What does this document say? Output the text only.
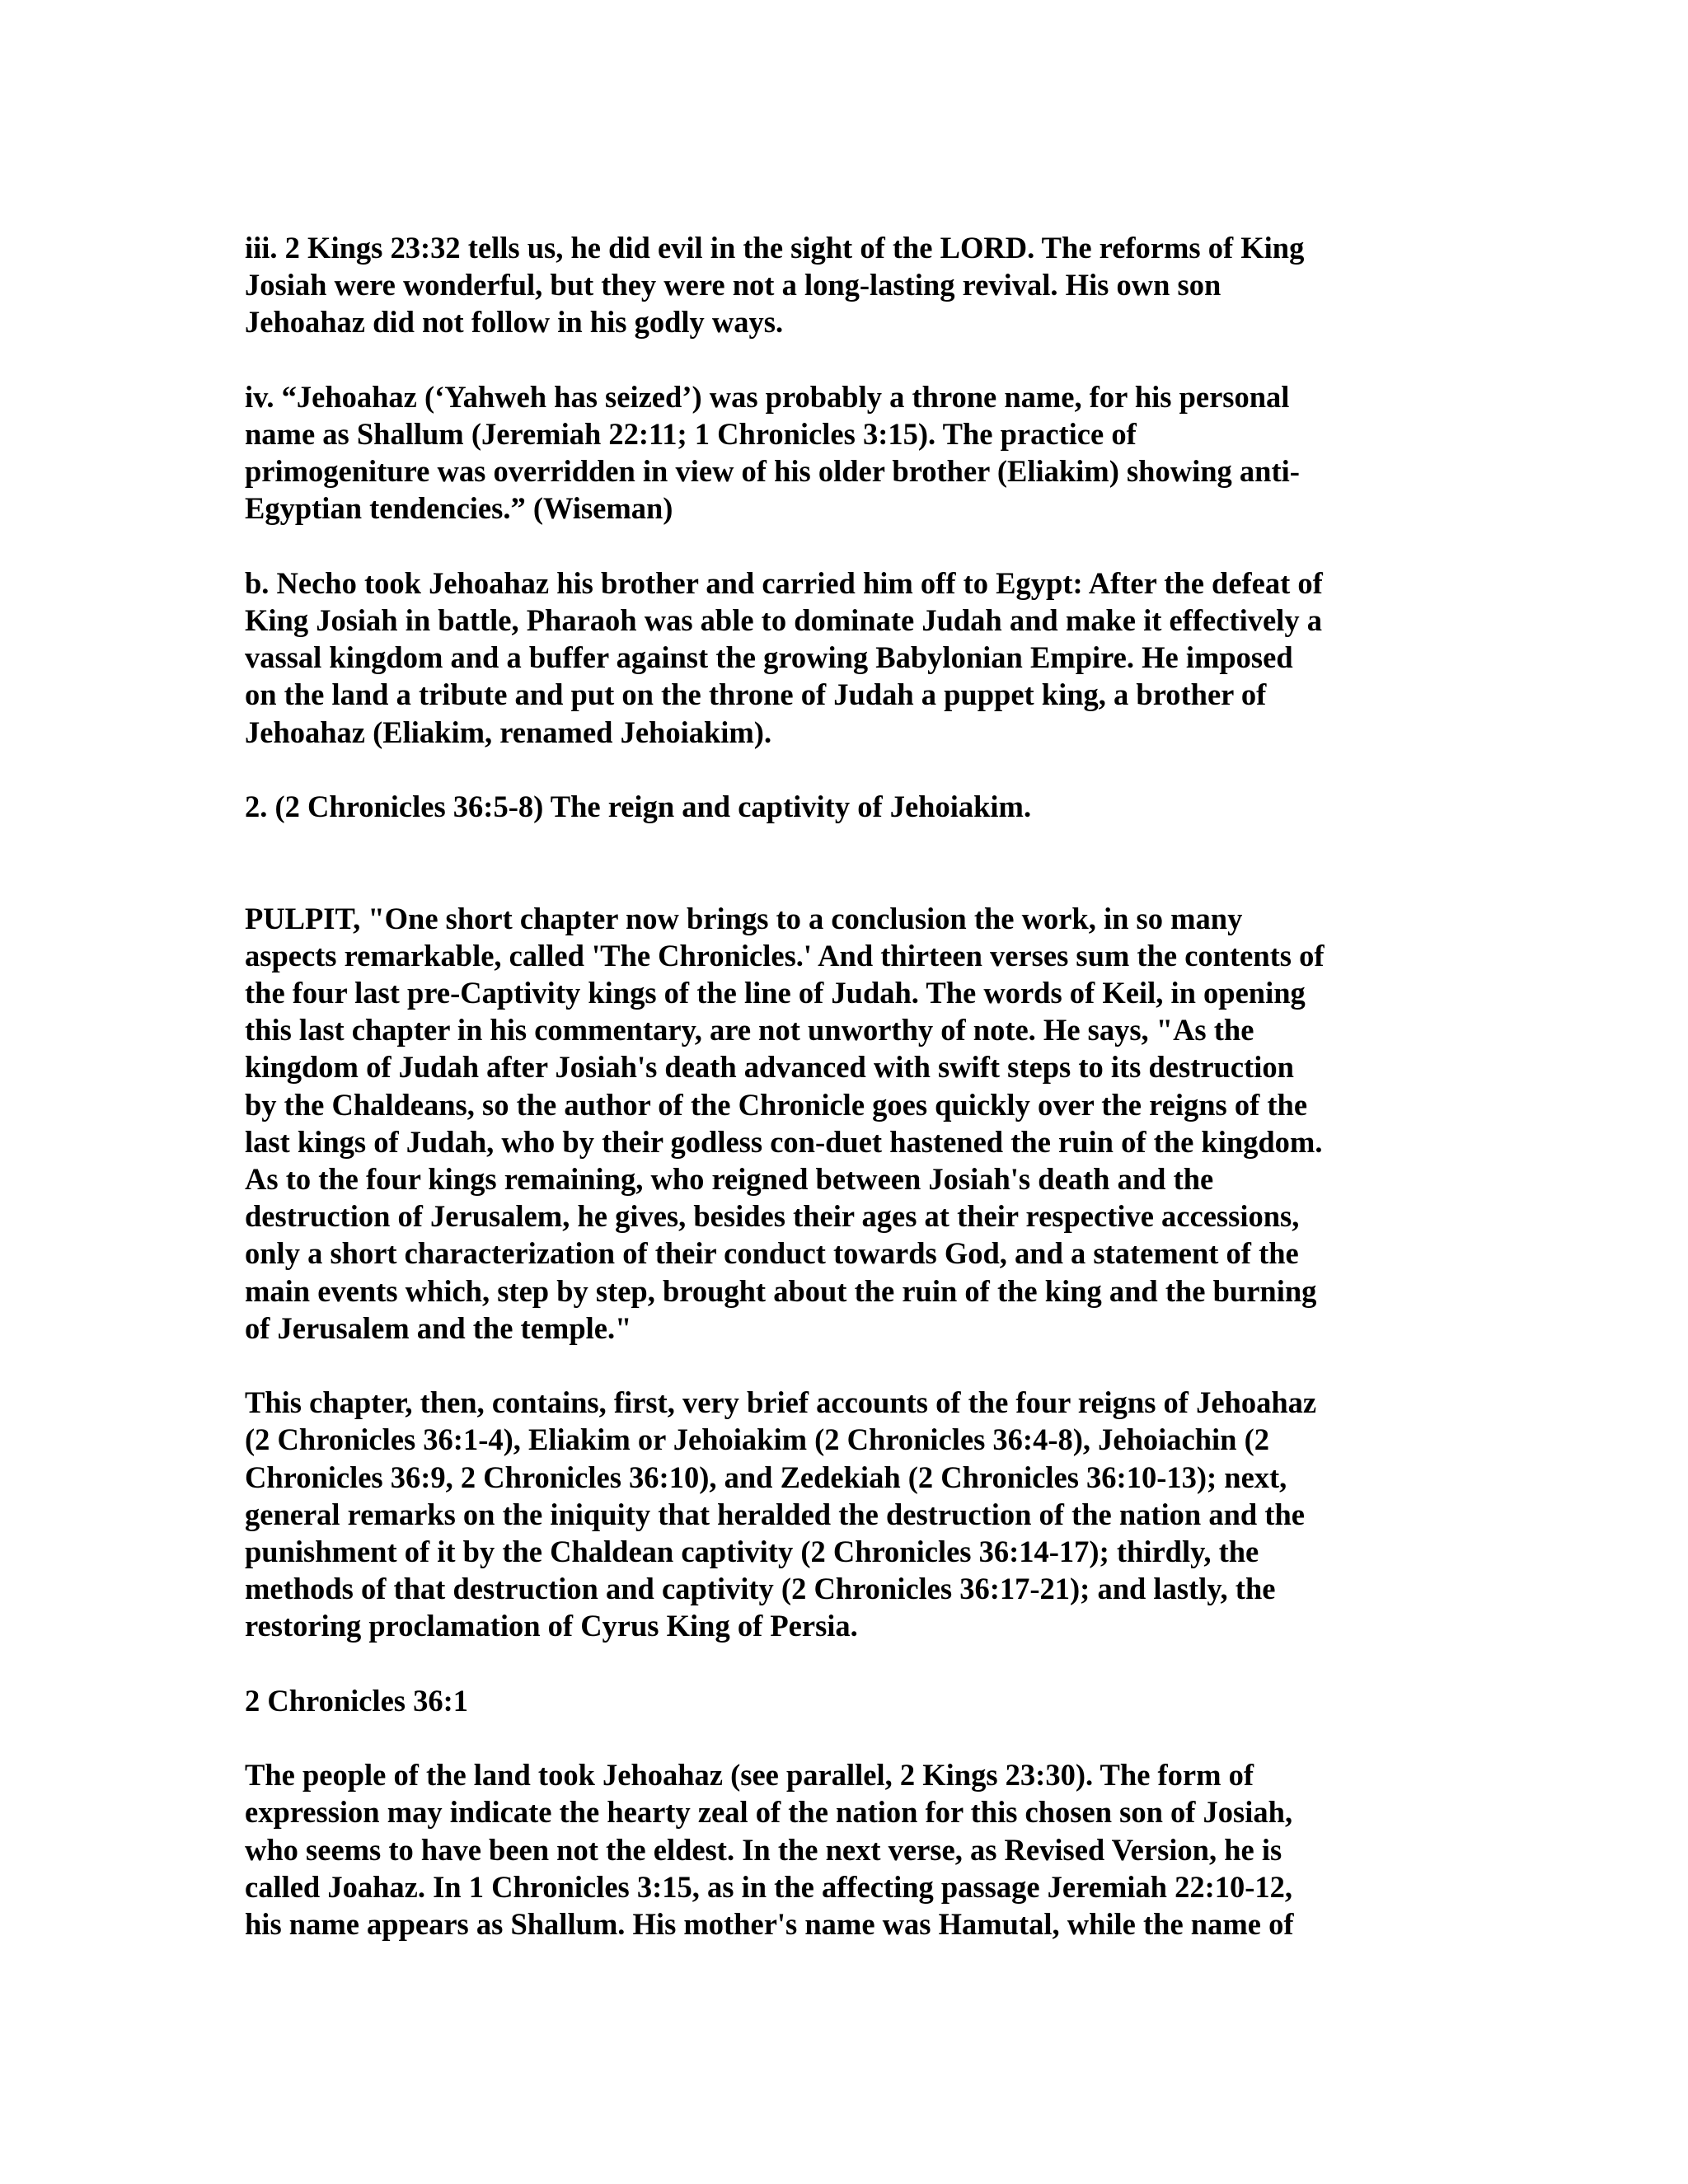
iii. 2 Kings 23:32 tells us, he did evil in the sight of the LORD. The reforms of King
Josiah were wonderful, but they were not a long-lasting revival. His own son
Jehoahaz did not follow in his godly ways.

iv. “Jehoahaz (‘Yahweh has seized’) was probably a throne name, for his personal
name as Shallum (Jeremiah 22:11; 1 Chronicles 3:15). The practice of
primogeniture was overridden in view of his older brother (Eliakim) showing anti-
Egyptian tendencies.” (Wiseman)

b. Necho took Jehoahaz his brother and carried him off to Egypt: After the defeat of
King Josiah in battle, Pharaoh was able to dominate Judah and make it effectively a
vassal kingdom and a buffer against the growing Babylonian Empire. He imposed
on the land a tribute and put on the throne of Judah a puppet king, a brother of
Jehoahaz (Eliakim, renamed Jehoiakim).

2. (2 Chronicles 36:5-8) The reign and captivity of Jehoiakim.

PULPIT, "One short chapter now brings to a conclusion the work, in so many
aspects remarkable, called 'The Chronicles.' And thirteen verses sum the contents of
the four last pre-Captivity kings of the line of Judah. The words of Keil, in opening
this last chapter in his commentary, are not unworthy of note. He says, "As the
kingdom of Judah after Josiah's death advanced with swift steps to its destruction
by the Chaldeans, so the author of the Chronicle goes quickly over the reigns of the
last kings of Judah, who by their godless con-duet hastened the ruin of the kingdom.
As to the four kings remaining, who reigned between Josiah's death and the
destruction of Jerusalem, he gives, besides their ages at their respective accessions,
only a short characterization of their conduct towards God, and a statement of the
main events which, step by step, brought about the ruin of the king and the burning
of Jerusalem and the temple."

This chapter, then, contains, first, very brief accounts of the four reigns of Jehoahaz
(2 Chronicles 36:1-4), Eliakim or Jehoiakim (2 Chronicles 36:4-8), Jehoiachin (2
Chronicles 36:9, 2 Chronicles 36:10), and Zedekiah (2 Chronicles 36:10-13); next,
general remarks on the iniquity that heralded the destruction of the nation and the
punishment of it by the Chaldean captivity (2 Chronicles 36:14-17); thirdly, the
methods of that destruction and captivity (2 Chronicles 36:17-21); and lastly, the
restoring proclamation of Cyrus King of Persia.

2 Chronicles 36:1

The people of the land took Jehoahaz (see parallel, 2 Kings 23:30). The form of
expression may indicate the hearty zeal of the nation for this chosen son of Josiah,
who seems to have been not the eldest. In the next verse, as Revised Version, he is
called Joahaz. In 1 Chronicles 3:15, as in the affecting passage Jeremiah 22:10-12,
his name appears as Shallum. His mother's name was Hamutal, while the name of
